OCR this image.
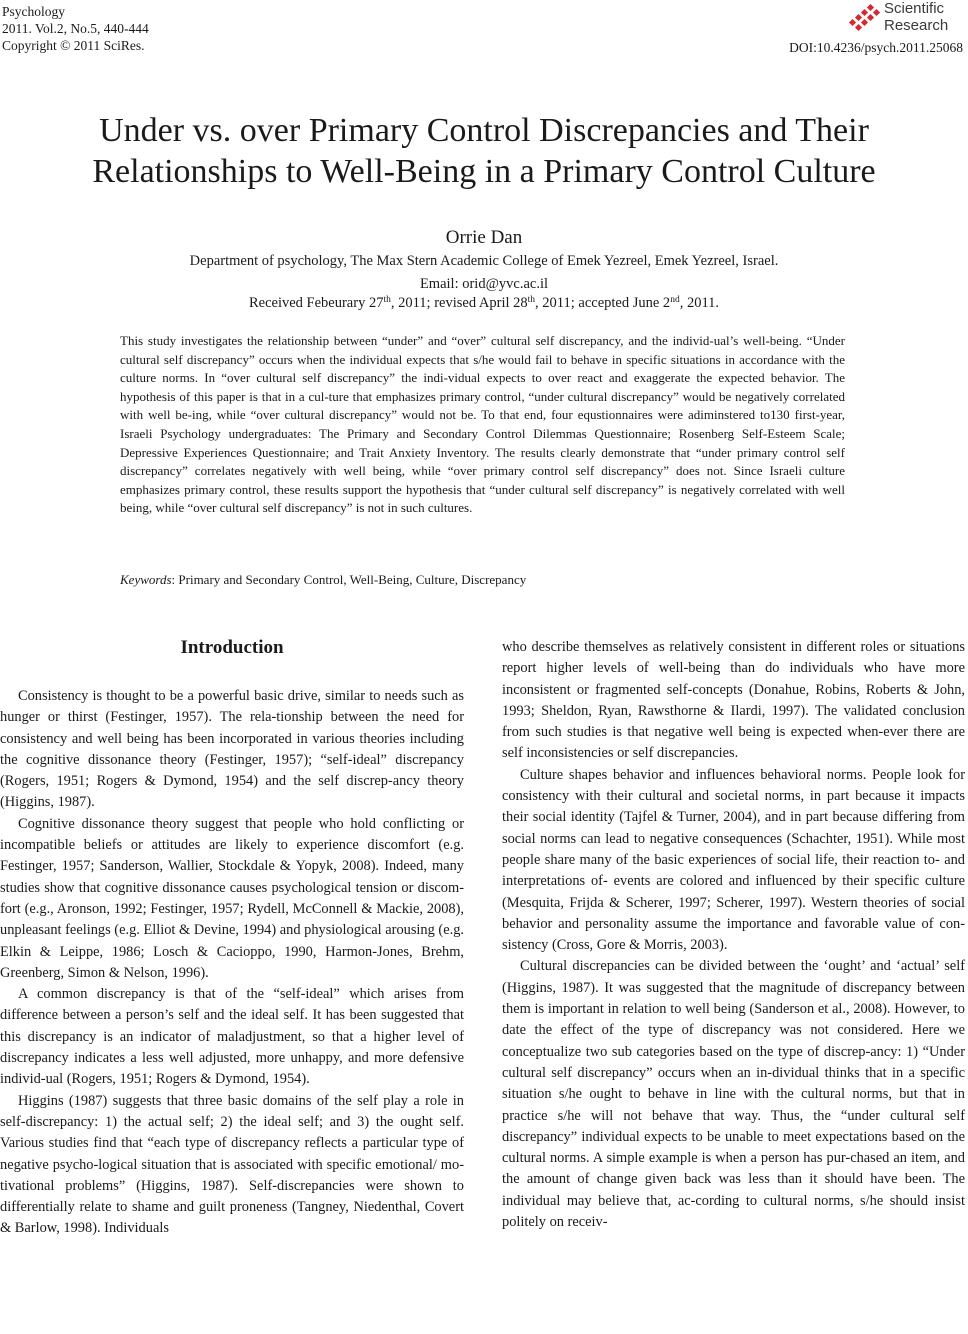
Psychology
2011. Vol.2, No.5, 440-444
Copyright © 2011 SciRes.
Scientific
Research
DOI:10.4236/psych.2011.25068
Under vs. over Primary Control Discrepancies and Their
Relationships to Well-Being in a Primary Control Culture
Orrie Dan
Department of psychology, The Max Stern Academic College of Emek Yezreel, Emek Yezreel, Israel.
Email: orid@yvc.ac.il
Received Febeurary 27th, 2011; revised April 28th, 2011; accepted June 2nd, 2011.
This study investigates the relationship between “under” and “over” cultural self discrepancy, and the individ-ual’s well-being. “Under cultural self discrepancy” occurs when the individual expects that s/he would fail to behave in specific situations in accordance with the culture norms. In “over cultural self discrepancy” the indi-vidual expects to over react and exaggerate the expected behavior. The hypothesis of this paper is that in a cul-ture that emphasizes primary control, “under cultural discrepancy” would be negatively correlated with well be-ing, while “over cultural discrepancy” would not be. To that end, four equstionnaires were adiminstered to130 first-year, Israeli Psychology undergraduates: The Primary and Secondary Control Dilemmas Questionnaire; Rosenberg Self-Esteem Scale; Depressive Experiences Questionnaire; and Trait Anxiety Inventory. The results clearly demonstrate that “under primary control self discrepancy” correlates negatively with well being, while “over primary control self discrepancy” does not. Since Israeli culture emphasizes primary control, these results support the hypothesis that “under cultural self discrepancy” is negatively correlated with well being, while “over cultural self discrepancy” is not in such cultures.
Keywords: Primary and Secondary Control, Well-Being, Culture, Discrepancy
Introduction

Consistency is thought to be a powerful basic drive, similar to needs such as hunger or thirst (Festinger, 1957). The rela-tionship between the need for consistency and well being has been incorporated in various theories including the cognitive dissonance theory (Festinger, 1957); “self-ideal” discrepancy (Rogers, 1951; Rogers & Dymond, 1954) and the self discrep-ancy theory (Higgins, 1987).

Cognitive dissonance theory suggest that people who hold conflicting or incompatible beliefs or attitudes are likely to experience discomfort (e.g. Festinger, 1957; Sanderson, Wallier, Stockdale & Yopyk, 2008). Indeed, many studies show that cognitive dissonance causes psychological tension or discom-fort (e.g., Aronson, 1992; Festinger, 1957; Rydell, McConnell & Mackie, 2008), unpleasant feelings (e.g. Elliot & Devine, 1994) and physiological arousing (e.g. Elkin & Leippe, 1986; Losch & Cacioppo, 1990, Harmon-Jones, Brehm, Greenberg, Simon & Nelson, 1996).

A common discrepancy is that of the “self-ideal” which arises from difference between a person’s self and the ideal self. It has been suggested that this discrepancy is an indicator of maladjustment, so that a higher level of discrepancy indicates a less well adjusted, more unhappy, and more defensive individ-ual (Rogers, 1951; Rogers & Dymond, 1954).

Higgins (1987) suggests that three basic domains of the self play a role in self-discrepancy: 1) the actual self; 2) the ideal self; and 3) the ought self. Various studies find that “each type of discrepancy reflects a particular type of negative psycho-logical situation that is associated with specific emotional/ mo-tivational problems” (Higgins, 1987). Self-discrepancies were shown to differentially relate to shame and guilt proneness (Tangney, Niedenthal, Covert & Barlow, 1998). Individuals

who describe themselves as relatively consistent in different roles or situations report higher levels of well-being than do individuals who have more inconsistent or fragmented self-concepts (Donahue, Robins, Roberts & John, 1993; Sheldon, Ryan, Rawsthorne & Ilardi, 1997). The validated conclusion from such studies is that negative well being is expected when-ever there are self inconsistencies or self discrepancies.

Culture shapes behavior and influences behavioral norms. People look for consistency with their cultural and societal norms, in part because it impacts their social identity (Tajfel & Turner, 2004), and in part because differing from social norms can lead to negative consequences (Schachter, 1951). While most people share many of the basic experiences of social life, their reaction to- and interpretations of- events are colored and influenced by their specific culture (Mesquita, Frijda & Scherer, 1997; Scherer, 1997). Western theories of social behavior and personality assume the importance and favorable value of con-sistency (Cross, Gore & Morris, 2003).

Cultural discrepancies can be divided between the ‘ought’ and ‘actual’ self (Higgins, 1987). It was suggested that the magnitude of discrepancy between them is important in relation to well being (Sanderson et al., 2008). However, to date the effect of the type of discrepancy was not considered. Here we conceptualize two sub categories based on the type of discrep-ancy: 1) “Under cultural self discrepancy” occurs when an in-dividual thinks that in a specific situation s/he ought to behave in line with the cultural norms, but that in practice s/he will not behave that way. Thus, the “under cultural self discrepancy” individual expects to be unable to meet expectations based on the cultural norms. A simple example is when a person has pur-chased an item, and the amount of change given back was less than it should have been. The individual may believe that, ac-cording to cultural norms, s/he should insist politely on receiv-
